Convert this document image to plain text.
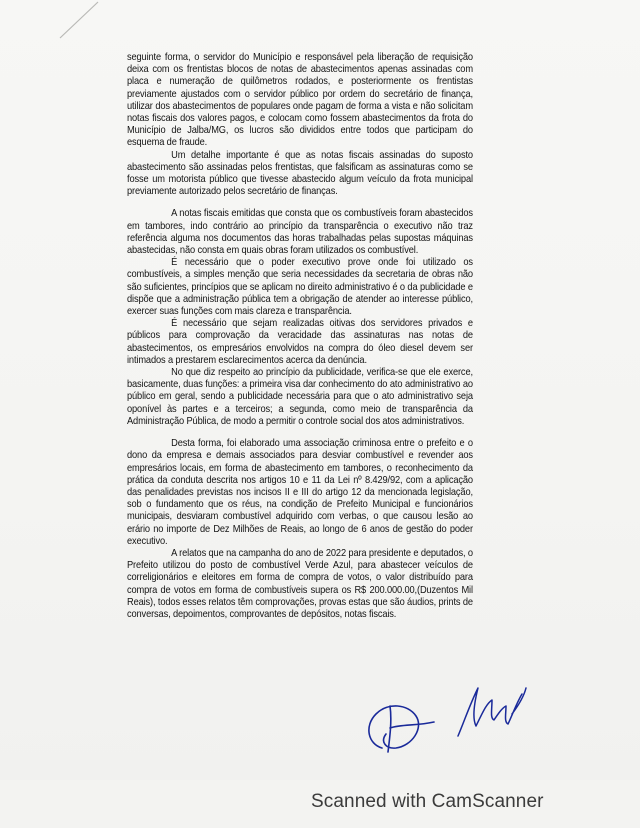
seguinte forma, o servidor do Município e responsável pela liberação de requisição deixa com os frentistas blocos de notas de abastecimentos apenas assinadas com placa e numeração de quilômetros rodados, e posteriormente os frentistas previamente ajustados com o servidor público por ordem do secretário de finança, utilizar dos abastecimentos de populares onde pagam de forma a vista e não solicitam notas fiscais dos valores pagos, e colocam como fossem abastecimentos da frota do Município de Jalba/MG, os lucros são divididos entre todos que participam do esquema de fraude.

Um detalhe importante é que as notas fiscais assinadas do suposto abastecimento são assinadas pelos frentistas, que falsificam as assinaturas como se fosse um motorista público que tivesse abastecido algum veículo da frota municipal previamente autorizado pelos secretário de finanças.

A notas fiscais emitidas que consta que os combustíveis foram abastecidos em tambores, indo contrário ao princípio da transparência o executivo não traz referência alguma nos documentos das horas trabalhadas pelas supostas máquinas abastecidas, não consta em quais obras foram utilizados os combustível.

É necessário que o poder executivo prove onde foi utilizado os combustíveis, a simples menção que seria necessidades da secretaria de obras não são suficientes, princípios que se aplicam no direito administrativo é o da publicidade e dispõe que a administração pública tem a obrigação de atender ao interesse público, exercer suas funções com mais clareza e transparência.

É necessário que sejam realizadas oitivas dos servidores privados e públicos para comprovação da veracidade das assinaturas nas notas de abastecimentos, os empresários envolvidos na compra do óleo diesel devem ser intimados a prestarem esclarecimentos acerca da denúncia.

No que diz respeito ao princípio da publicidade, verifica-se que ele exerce, basicamente, duas funções: a primeira visa dar conhecimento do ato administrativo ao público em geral, sendo a publicidade necessária para que o ato administrativo seja oponível às partes e a terceiros; a segunda, como meio de transparência da Administração Pública, de modo a permitir o controle social dos atos administrativos.

Desta forma, foi elaborado uma associação criminosa entre o prefeito e o dono da empresa e demais associados para desviar combustível e revender aos empresários locais, em forma de abastecimento em tambores, o reconhecimento da prática da conduta descrita nos artigos 10 e 11 da Lei nº 8.429/92, com a aplicação das penalidades previstas nos incisos II e III do artigo 12 da mencionada legislação, sob o fundamento que os réus, na condição de Prefeito Municipal e funcionários municipais, desviaram combustível adquirido com verbas, o que causou lesão ao erário no importe de Dez Milhões de Reais, ao longo de 6 anos de gestão do poder executivo.

A relatos que na campanha do ano de 2022 para presidente e deputados, o Prefeito utilizou do posto de combustível Verde Azul, para abastecer veículos de correligionários e eleitores em forma de compra de votos, o valor distribuído para compra de votos em forma de combustíveis supera os R$ 200.000.00,(Duzentos Mil Reais), todos esses relatos têm comprovações, provas estas que são áudios, prints de conversas, depoimentos, comprovantes de depósitos, notas fiscais.

Scanned with CamScanner
